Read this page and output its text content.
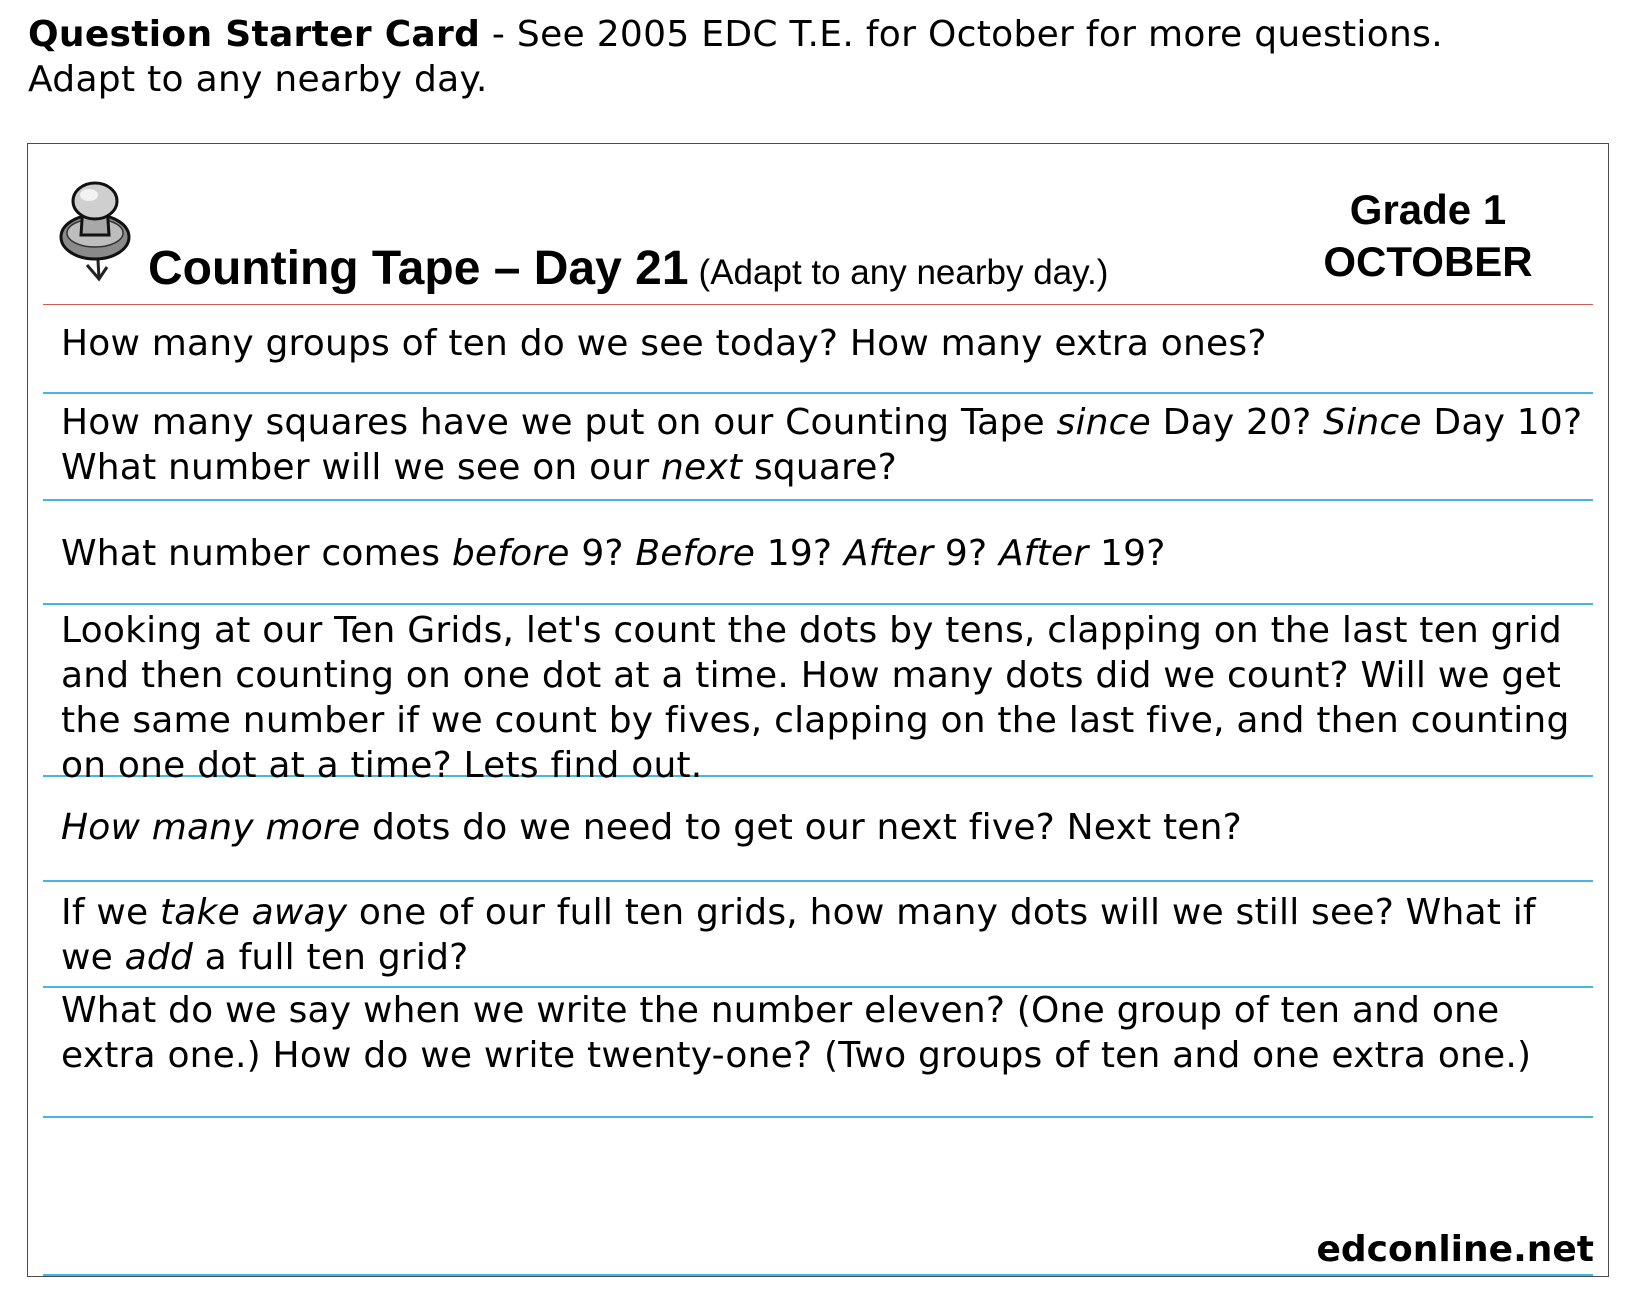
Question Starter Card - See 2005 EDC T.E. for October for more questions.
Adapt to any nearby day.
Counting Tape – Day 21 (Adapt to any nearby day.)
Grade 1
OCTOBER
How many groups of ten do we see today? How many extra ones?
How many squares have we put on our Counting Tape since Day 20? Since Day 10? What number will we see on our next square?
What number comes before 9? Before 19? After 9? After 19?
Looking at our Ten Grids, let's count the dots by tens, clapping on the last ten grid and then counting on one dot at a time. How many dots did we count? Will we get the same number if we count by fives, clapping on the last five, and then counting on one dot at a time? Lets find out.
How many more dots do we need to get our next five? Next ten?
If we take away one of our full ten grids, how many dots will we still see? What if we add a full ten grid?
What do we say when we write the number eleven? (One group of ten and one extra one.) How do we write twenty-one? (Two groups of ten and one extra one.)
edconline.net
